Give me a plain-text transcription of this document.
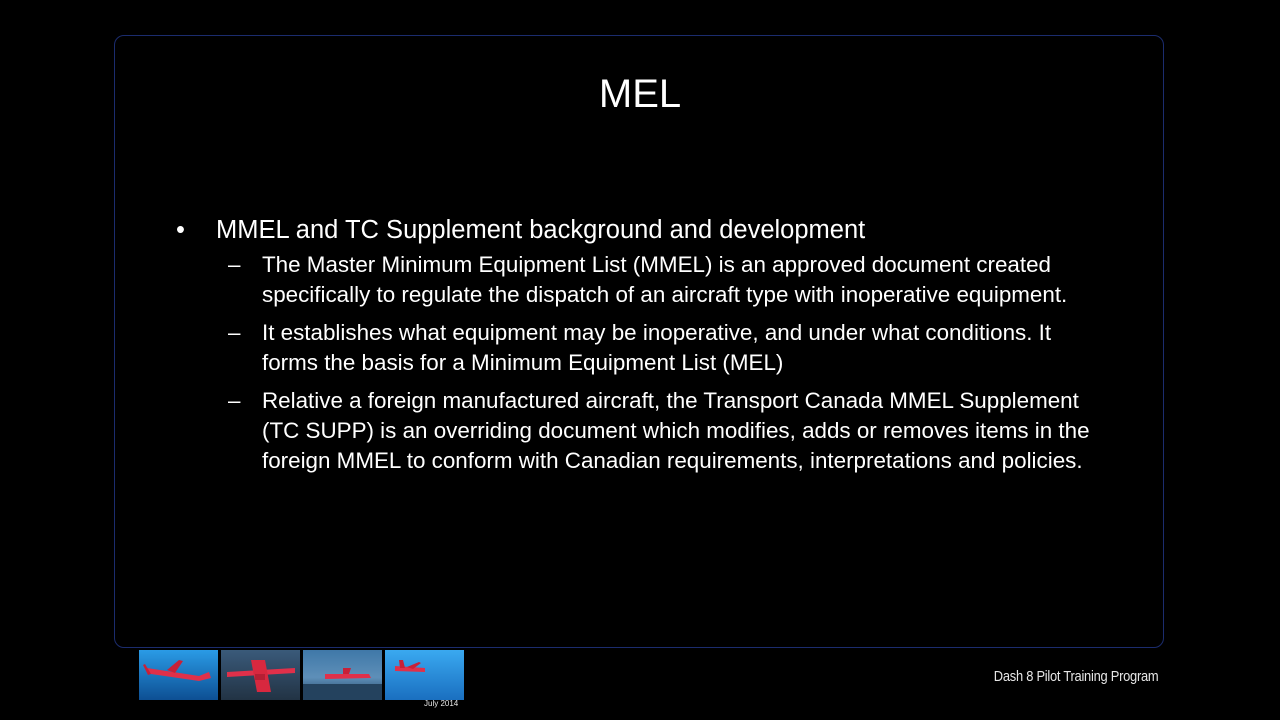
MEL
• MMEL and TC Supplement background and development
– The Master Minimum Equipment List (MMEL) is an approved document created specifically to regulate the dispatch of an aircraft type with inoperative equipment.
– It establishes what equipment may be inoperative, and under what conditions. It forms the basis for a Minimum Equipment List (MEL)
– Relative a foreign manufactured aircraft, the Transport Canada MMEL Supplement (TC SUPP) is an overriding document which modifies, adds or removes items in the foreign MMEL to conform with Canadian requirements, interpretations and policies.
July 2014
Dash 8 Pilot Training Program
